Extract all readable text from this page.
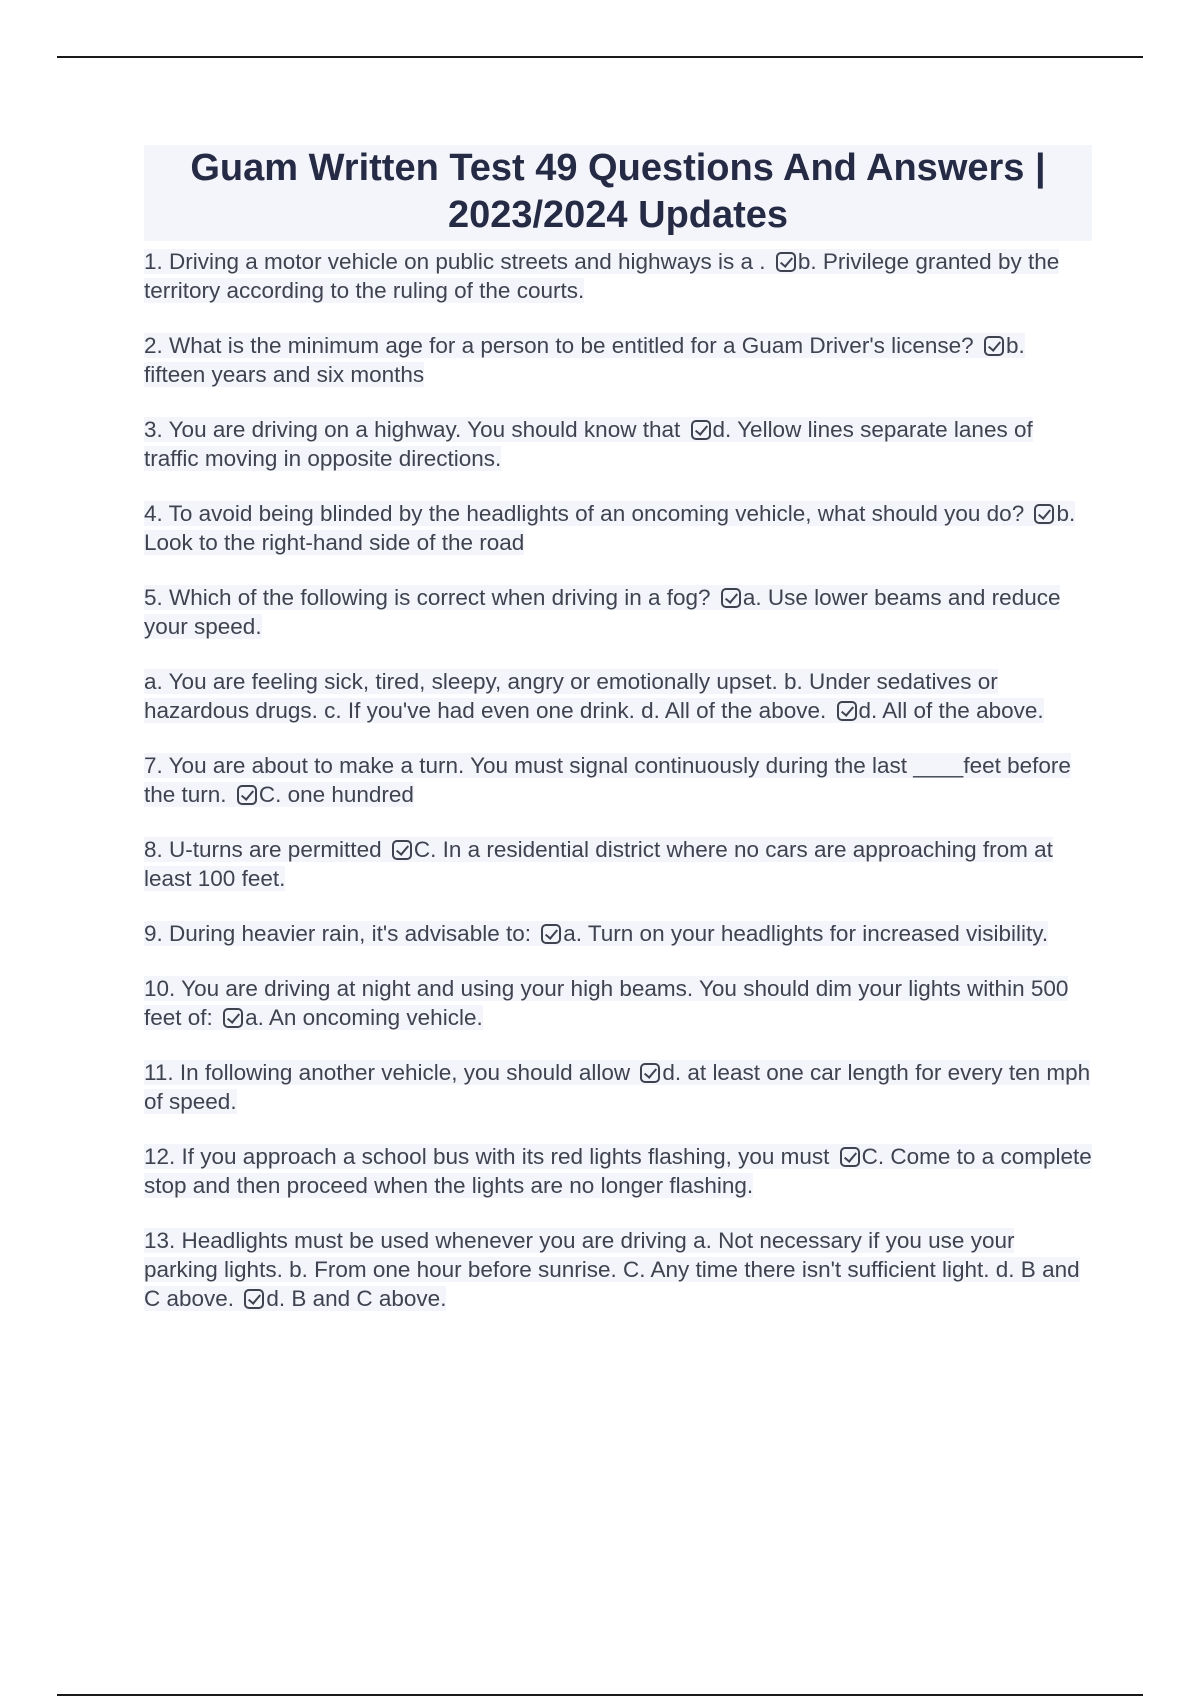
Guam Written Test 49 Questions And Answers | 2023/2024 Updates

1. Driving a motor vehicle on public streets and highways is a . b. Privilege granted by the territory according to the ruling of the courts.

2. What is the minimum age for a person to be entitled for a Guam Driver's license? b. fifteen years and six months

3. You are driving on a highway. You should know that d. Yellow lines separate lanes of traffic moving in opposite directions.

4. To avoid being blinded by the headlights of an oncoming vehicle, what should you do? b. Look to the right-hand side of the road

5. Which of the following is correct when driving in a fog? a. Use lower beams and reduce your speed.

a. You are feeling sick, tired, sleepy, angry or emotionally upset. b. Under sedatives or hazardous drugs. c. If you've had even one drink. d. All of the above. d. All of the above.

7. You are about to make a turn. You must signal continuously during the last ____feet before the turn. C. one hundred

8. U-turns are permitted C. In a residential district where no cars are approaching from at least 100 feet.

9. During heavier rain, it's advisable to: a. Turn on your headlights for increased visibility.

10. You are driving at night and using your high beams. You should dim your lights within 500 feet of: a. An oncoming vehicle.

11. In following another vehicle, you should allow d. at least one car length for every ten mph of speed.

12. If you approach a school bus with its red lights flashing, you must C. Come to a complete stop and then proceed when the lights are no longer flashing.

13. Headlights must be used whenever you are driving a. Not necessary if you use your parking lights. b. From one hour before sunrise. C. Any time there isn't sufficient light. d. B and C above. d. B and C above.
